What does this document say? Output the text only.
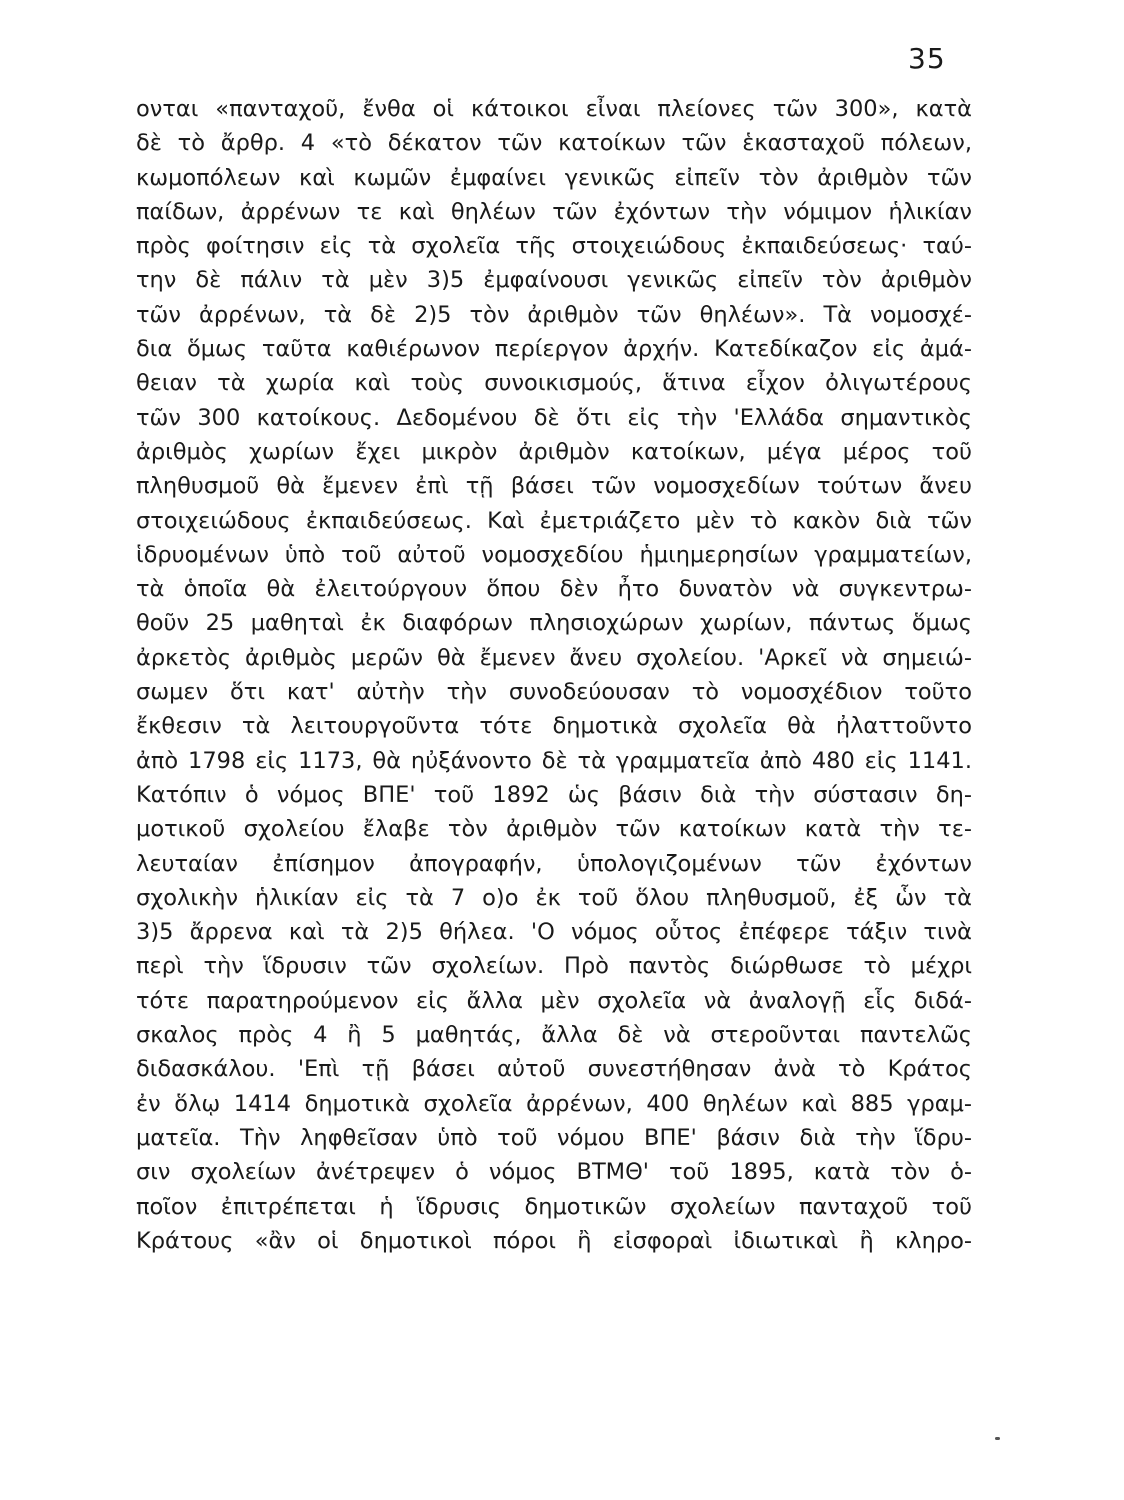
35
ονται «πανταχοῦ, ἔνθα οἱ κάτοικοι εἶναι πλείονες τῶν 300», κατὰ
δὲ τὸ ἄρθρ. 4 «τὸ δέκατον τῶν κατοίκων τῶν ἑκασταχοῦ πόλεων,
κωμοπόλεων καὶ κωμῶν ἐμφαίνει γενικῶς εἰπεῖν τὸν ἀριθμὸν τῶν
παίδων, ἀρρένων τε καὶ θηλέων τῶν ἐχόντων τὴν νόμιμον ἡλικίαν
πρὸς φοίτησιν εἰς τὰ σχολεῖα τῆς στοιχειώδους ἐκπαιδεύσεως· ταύ-
την δὲ πάλιν τὰ μὲν 3)5 ἐμφαίνουσι γενικῶς εἰπεῖν τὸν ἀριθμὸν
τῶν ἀρρένων, τὰ δὲ 2)5 τὸν ἀριθμὸν τῶν θηλέων». Τὰ νομοσχέ-
δια ὅμως ταῦτα καθιέρωνον περίεργον ἀρχήν. Κατεδίκαζον εἰς ἀμά-
θειαν τὰ χωρία καὶ τοὺς συνοικισμούς, ἅτινα εἶχον ὀλιγωτέρους
τῶν 300 κατοίκους. Δεδομένου δὲ ὅτι εἰς τὴν 'Ελλάδα σημαντικὸς
ἀριθμὸς χωρίων ἔχει μικρὸν ἀριθμὸν κατοίκων, μέγα μέρος τοῦ
πληθυσμοῦ θὰ ἔμενεν ἐπὶ τῇ βάσει τῶν νομοσχεδίων τούτων ἄνευ
στοιχειώδους ἐκπαιδεύσεως. Καὶ ἐμετριάζετο μὲν τὸ κακὸν διὰ τῶν
ἱδρυομένων ὑπὸ τοῦ αὐτοῦ νομοσχεδίου ἡμιημερησίων γραμματείων,
τὰ ὁποῖα θὰ ἐλειτούργουν ὅπου δὲν ἦτο δυνατὸν νὰ συγκεντρω-
θοῦν 25 μαθηταὶ ἐκ διαφόρων πλησιοχώρων χωρίων, πάντως ὅμως
ἀρκετὸς ἀριθμὸς μερῶν θὰ ἔμενεν ἄνευ σχολείου. 'Αρκεῖ νὰ σημειώ-
σωμεν ὅτι κατ' αὐτὴν τὴν συνοδεύουσαν τὸ νομοσχέδιον τοῦτο
ἔκθεσιν τὰ λειτουργοῦντα τότε δημοτικὰ σχολεῖα θὰ ἠλαττοῦντο
ἀπὸ 1798 εἰς 1173, θὰ ηὐξάνοντο δὲ τὰ γραμματεῖα ἀπὸ 480 εἰς 1141.
Κατόπιν ὁ νόμος ΒΠΕ' τοῦ 1892 ὡς βάσιν διὰ τὴν σύστασιν δη-
μοτικοῦ σχολείου ἔλαβε τὸν ἀριθμὸν τῶν κατοίκων κατὰ τὴν τε-
λευταίαν ἐπίσημον ἀπογραφήν, ὑπολογιζομένων τῶν ἐχόντων
σχολικὴν ἡλικίαν εἰς τὰ 7 ο)ο ἐκ τοῦ ὅλου πληθυσμοῦ, ἐξ ὧν τὰ
3)5 ἄρρενα καὶ τὰ 2)5 θήλεα. 'Ο νόμος οὗτος ἐπέφερε τάξιν τινὰ
περὶ τὴν ἵδρυσιν τῶν σχολείων. Πρὸ παντὸς διώρθωσε τὸ μέχρι
τότε παρατηρούμενον εἰς ἄλλα μὲν σχολεῖα νὰ ἀναλογῇ εἷς διδά-
σκαλος πρὸς 4 ἢ 5 μαθητάς, ἄλλα δὲ νὰ στεροῦνται παντελῶς
διδασκάλου. 'Επὶ τῇ βάσει αὐτοῦ συνεστήθησαν ἀνὰ τὸ Κράτος
ἐν ὅλῳ 1414 δημοτικὰ σχολεῖα ἀρρένων, 400 θηλέων καὶ 885 γραμ-
ματεῖα. Τὴν ληφθεῖσαν ὑπὸ τοῦ νόμου ΒΠΕ' βάσιν διὰ τὴν ἵδρυ-
σιν σχολείων ἀνέτρεψεν ὁ νόμος ΒΤΜΘ' τοῦ 1895, κατὰ τὸν ὁ-
ποῖον ἐπιτρέπεται ἡ ἵδρυσις δημοτικῶν σχολείων πανταχοῦ τοῦ
Κράτους «ἂν οἱ δημοτικοὶ πόροι ἢ εἰσφοραὶ ἰδιωτικαὶ ἢ κληρο-
